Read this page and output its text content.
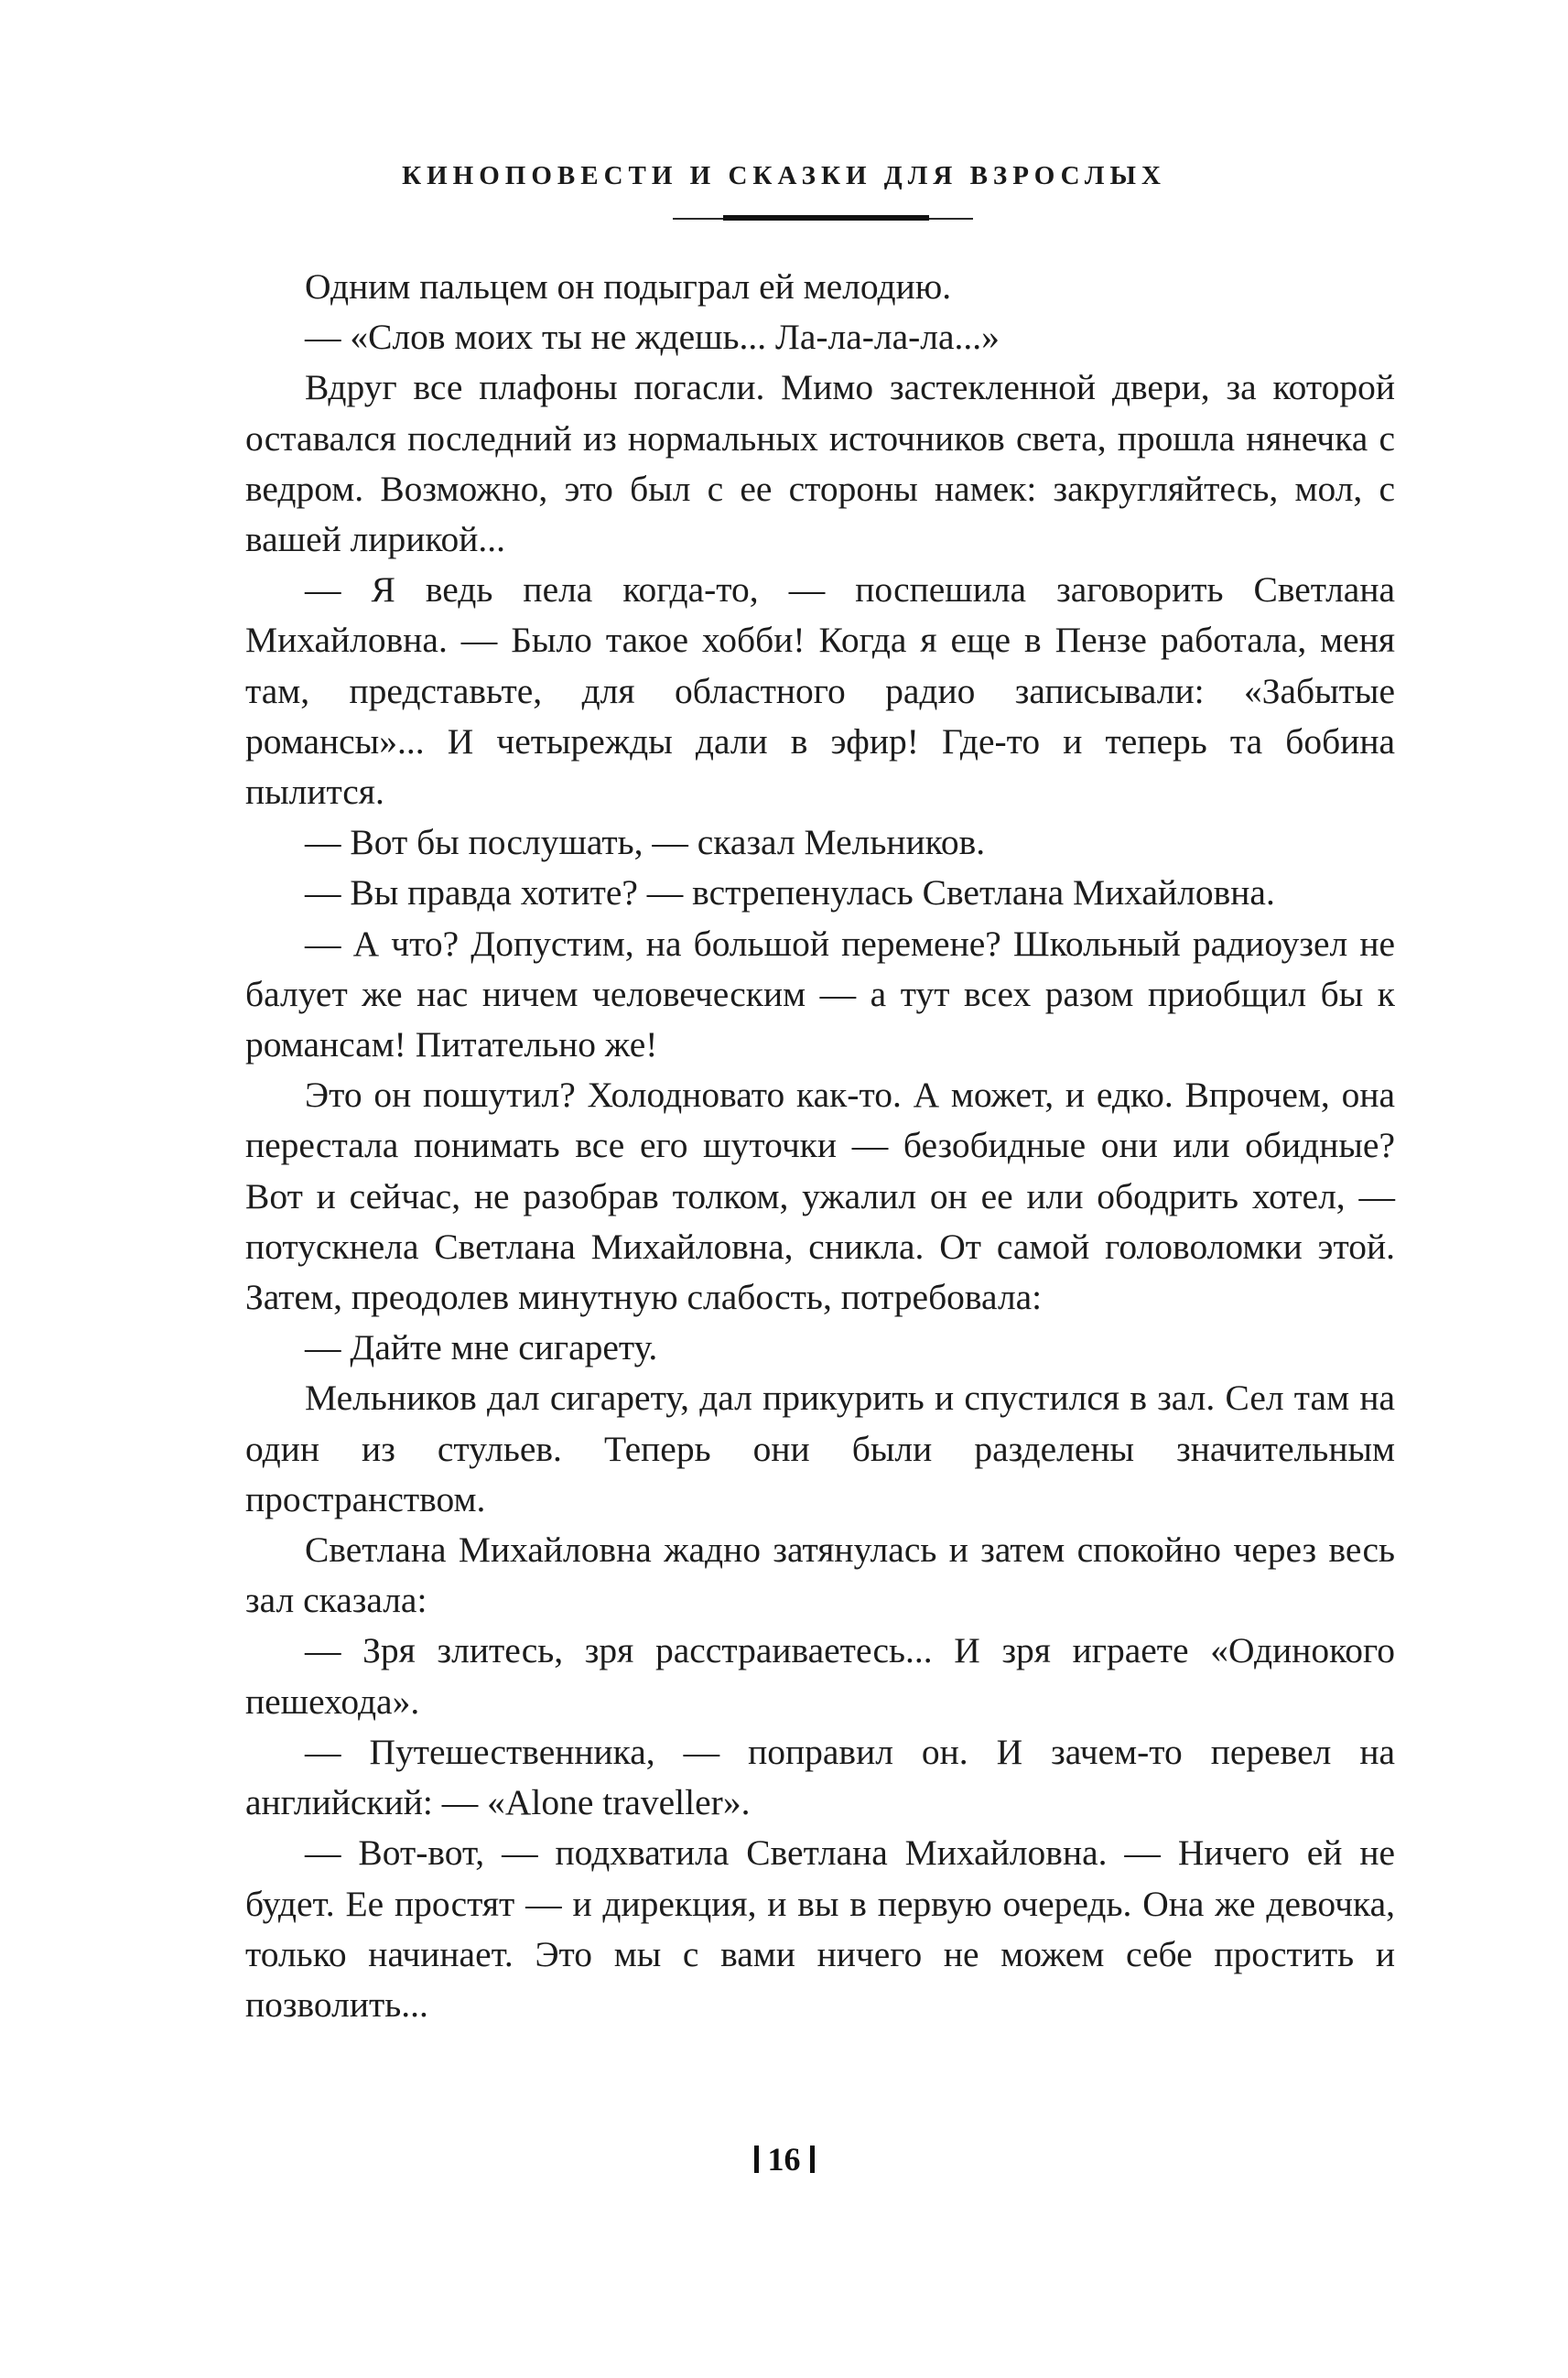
КИНОПОВЕСТИ И СКАЗКИ ДЛЯ ВЗРОСЛЫХ

Одним пальцем он подыграл ей мелодию.

— «Слов моих ты не ждешь... Ла-ла-ла-ла...»

Вдруг все плафоны погасли. Мимо застекленной двери, за которой оставался последний из нормальных источников света, прошла нянечка с ведром. Возможно, это был с ее стороны намек: закругляйтесь, мол, с вашей лирикой...

— Я ведь пела когда-то, — поспешила заговорить Светлана Михайловна. — Было такое хобби! Когда я еще в Пензе работала, меня там, представьте, для областного радио записывали: «Забытые романсы»... И четырежды дали в эфир! Где-то и теперь та бобина пылится.

— Вот бы послушать, — сказал Мельников.

— Вы правда хотите? — встрепенулась Светлана Михайловна.

— А что? Допустим, на большой перемене? Школьный радиоузел не балует же нас ничем человеческим — а тут всех разом приобщил бы к романсам! Питательно же!

Это он пошутил? Холодновато как-то. А может, и едко. Впрочем, она перестала понимать все его шуточки — безобидные они или обидные? Вот и сейчас, не разобрав толком, ужалил он ее или ободрить хотел, — потускнела Светлана Михайловна, сникла. От самой головоломки этой. Затем, преодолев минутную слабость, потребовала:

— Дайте мне сигарету.

Мельников дал сигарету, дал прикурить и спустился в зал. Сел там на один из стульев. Теперь они были разделены значительным пространством.

Светлана Михайловна жадно затянулась и затем спокойно через весь зал сказала:

— Зря злитесь, зря расстраиваетесь... И зря играете «Одинокого пешехода».

— Путешественника, — поправил он. И зачем-то перевел на английский: — «Alone traveller».

— Вот-вот, — подхватила Светлана Михайловна. — Ничего ей не будет. Ее простят — и дирекция, и вы в первую очередь. Она же девочка, только начинает. Это мы с вами ничего не можем себе простить и позволить...

16
